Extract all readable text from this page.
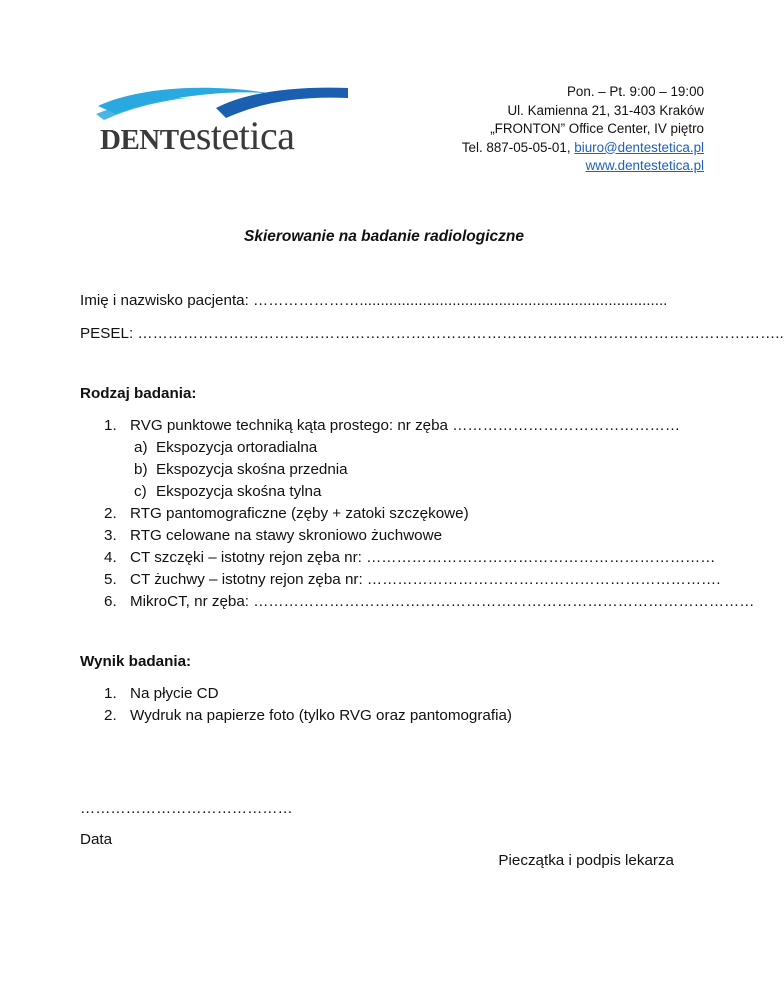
DENTestetica
Pon. – Pt. 9:00 – 19:00
Ul. Kamienna 21, 31-403 Kraków
„FRONTON” Office Center, IV piętro
Tel. 887-05-05-01, biuro@dentestetica.pl
www.dentestetica.pl
Skierowanie na badanie radiologiczne
Imię i nazwisko pacjenta: ………………….........................................................................
PESEL: ………………………………………………………………………………………………………………..
Rodzaj badania:
1. RVG punktowe techniką kąta prostego: nr zęba ………………………………………
a) Ekspozycja ortoradialna
b) Ekspozycja skośna przednia
c) Ekspozycja skośna tylna
2. RTG pantomograficzne (zęby + zatoki szczękowe)
3. RTG celowane na stawy skroniowo żuchwowe
4. CT szczęki – istotny rejon zęba nr: ……………………………………………………………
5. CT żuchwy – istotny rejon zęba nr: …………………………………………………………….
6. MikroCT, nr zęba: ………………………………………………………………………………………
Wynik badania:
1. Na płycie CD
2. Wydruk na papierze foto (tylko RVG oraz pantomografia)
……………………………………
Data
Pieczątka i podpis lekarza
